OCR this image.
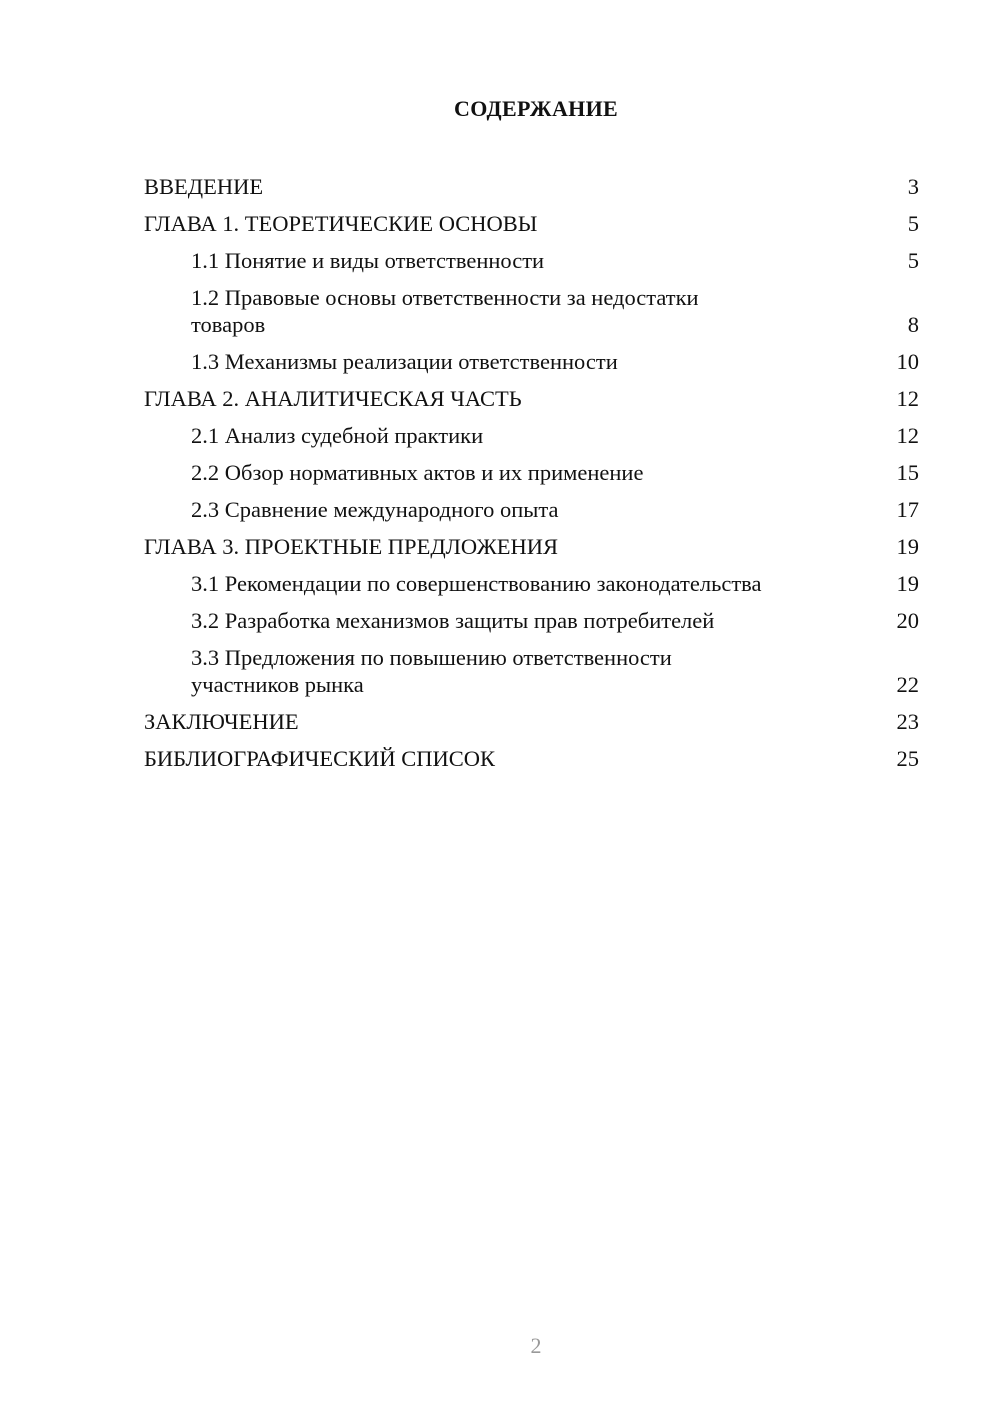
СОДЕРЖАНИЕ
ВВЕДЕНИЕ	3
ГЛАВА 1. ТЕОРЕТИЧЕСКИЕ ОСНОВЫ	5
1.1 Понятие и виды ответственности	5
1.2 Правовые основы ответственности за недостатки товаров	8
1.3 Механизмы реализации ответственности	10
ГЛАВА 2. АНАЛИТИЧЕСКАЯ ЧАСТЬ	12
2.1 Анализ судебной практики	12
2.2 Обзор нормативных актов и их применение	15
2.3 Сравнение международного опыта	17
ГЛАВА 3. ПРОЕКТНЫЕ ПРЕДЛОЖЕНИЯ	19
3.1 Рекомендации по совершенствованию законодательства	19
3.2 Разработка механизмов защиты прав потребителей	20
3.3 Предложения по повышению ответственности участников рынка	22
ЗАКЛЮЧЕНИЕ	23
БИБЛИОГРАФИЧЕСКИЙ СПИСОК	25
2
